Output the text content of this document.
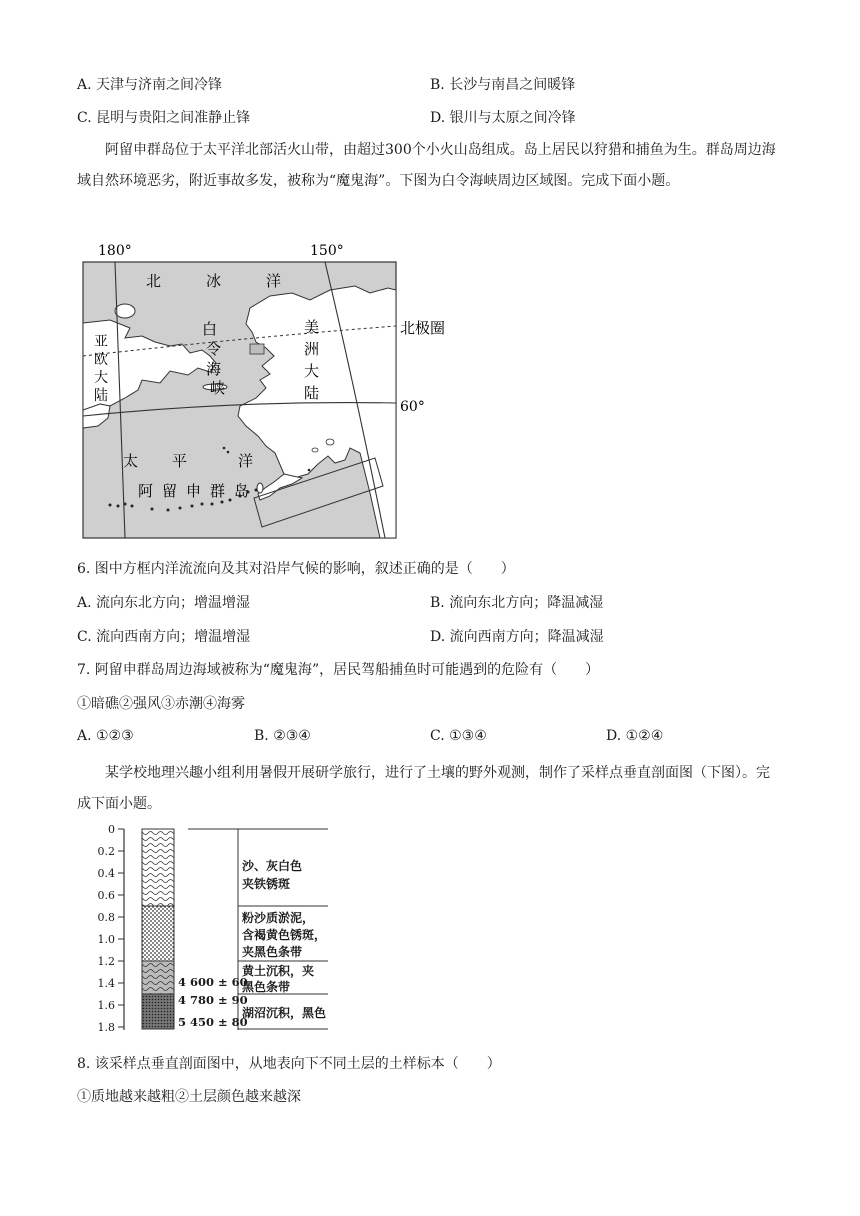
A. 天津与济南之间冷锋	B. 长沙与南昌之间暖锋
C. 昆明与贵阳之间准静止锋	D. 银川与太原之间冷锋
阿留申群岛位于太平洋北部活火山带，由超过300个小火山岛组成。岛上居民以狩猎和捕鱼为生。群岛周边海域自然环境恶劣，附近事故多发，被称为“魔鬼海”。下图为白令海峡周边区域图。完成下面小题。
180°	150°
60°
北极圈
北	冰	洋
白
令
海
峡
美
洲
大
陆
亚
欧
大
陆
太 平	洋
阿 留 申 群 岛
6. 图中方框内洋流流向及其对沿岸气候的影响，叙述正确的是（　　）
A. 流向东北方向；增温增湿	B. 流向东北方向；降温减湿
C. 流向西南方向；增温增湿	D. 流向西南方向；降温减湿
7. 阿留申群岛周边海域被称为“魔鬼海”，居民驾船捕鱼时可能遇到的危险有（　　）
①暗礁②强风③赤潮④海雾
A. ①②③	B. ②③④	C. ①③④	D. ①②④
某学校地理兴趣小组利用暑假开展研学旅行，进行了土壤的野外观测，制作了采样点垂直剖面图（下图）。完成下面小题。
0
0.2
0.4
0.6
0.8
1.0
1.2
1.4
1.6
1.8
4 600 ± 60
4 780 ± 90
5 450 ± 80
沙、灰白色
夹铁锈斑
粉沙质淤泥，
含褐黄色锈斑，
夹黑色条带
黄土沉积，夹
黑色条带
湖沼沉积，黑色
8. 该采样点垂直剖面图中，从地表向下不同土层的土样标本（　　）
①质地越来越粗②土层颜色越来越深
